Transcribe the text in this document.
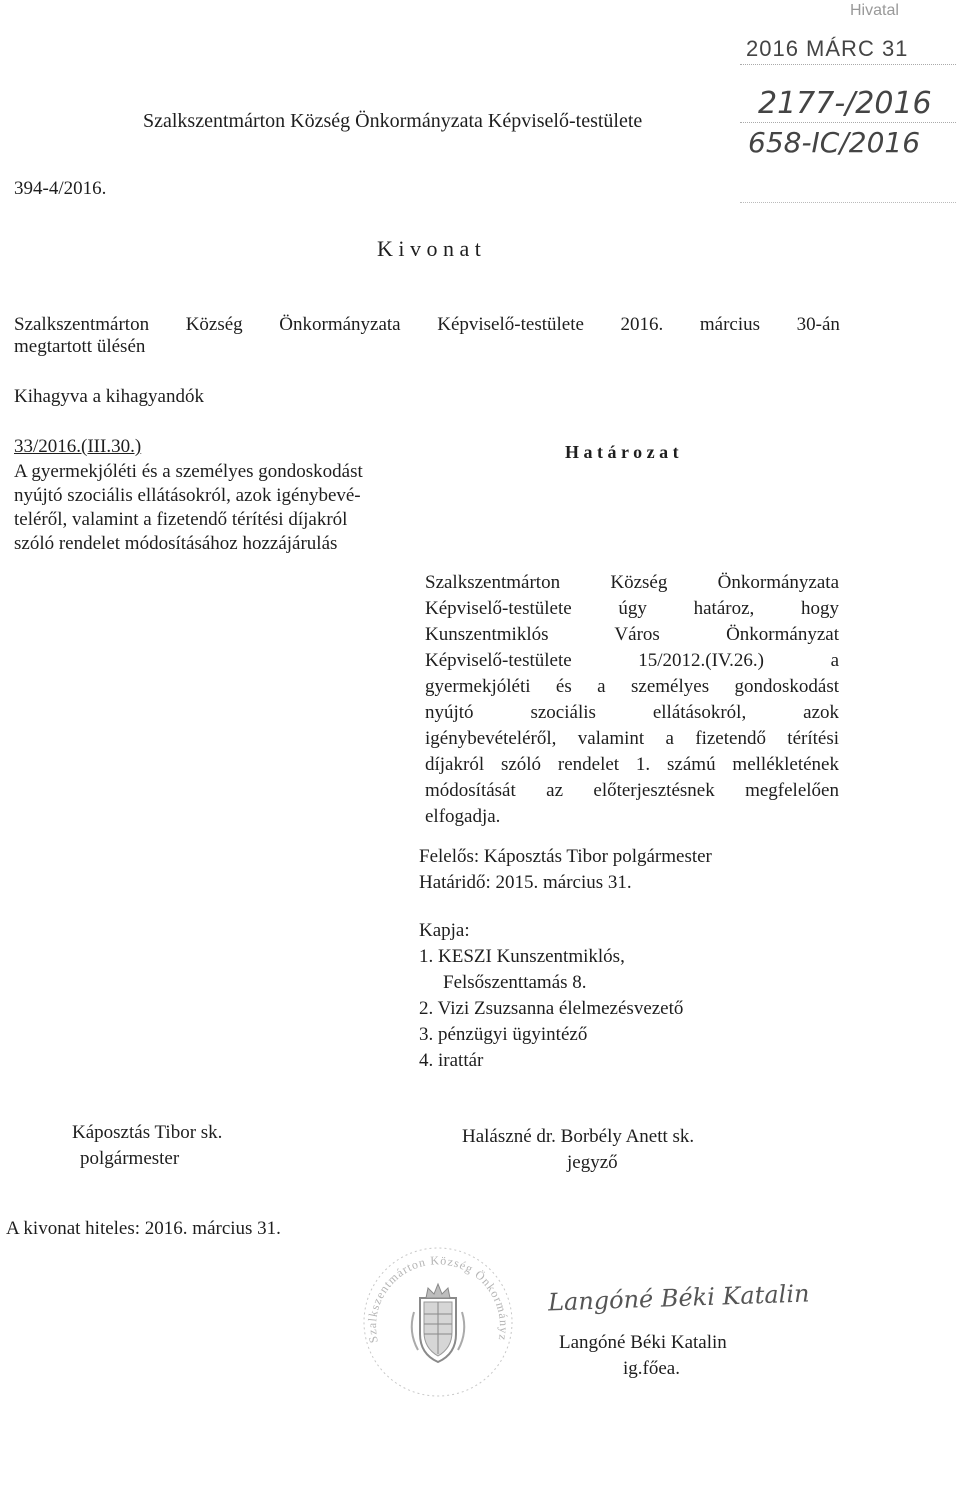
Hivatal
2016 MÁRC 31
2177-/2016
658-IC/2016
Szalkszentmárton Község Önkormányzata Képviselő-testülete
394-4/2016.
K i v o n a t
Szalkszentmárton Község Önkormányzata Képviselő-testülete 2016. március 30-án
megtartott ülésén
Kihagyva a kihagyandók
33/2016.(III.30.)
A gyermekjóléti és a személyes gondoskodást
nyújtó szociális ellátásokról, azok igénybevé-
teléről, valamint a fizetendő térítési díjakról
szóló rendelet módosításához hozzájárulás
H a t á r o z a t
Szalkszentmárton Község Önkormányzata
Képviselő-testülete úgy határoz, hogy
Kunszentmiklós Város Önkormányzat
Képviselő-testülete 15/2012.(IV.26.) a
gyermekjóléti és a személyes gondoskodást
nyújtó szociális ellátásokról, azok
igénybevételéről, valamint a fizetendő térítési
díjakról szóló rendelet 1. számú mellékletének
módosítását az előterjesztésnek megfelelően
elfogadja.
Felelős: Káposztás Tibor polgármester
Határidő: 2015. március 31.
Kapja:
1. KESZI Kunszentmiklós,
Felsőszenttamás 8.
2. Vizi Zsuzsanna élelmezésvezető
3. pénzügyi ügyintéző
4. irattár
Káposztás Tibor sk.
polgármester
Halászné dr. Borbély Anett sk.
jegyző
A kivonat hiteles: 2016. március 31.
Szalkszentmárton Község Önkormányz
Langóné Béki Katalin
Langóné Béki Katalin
ig.főea.
